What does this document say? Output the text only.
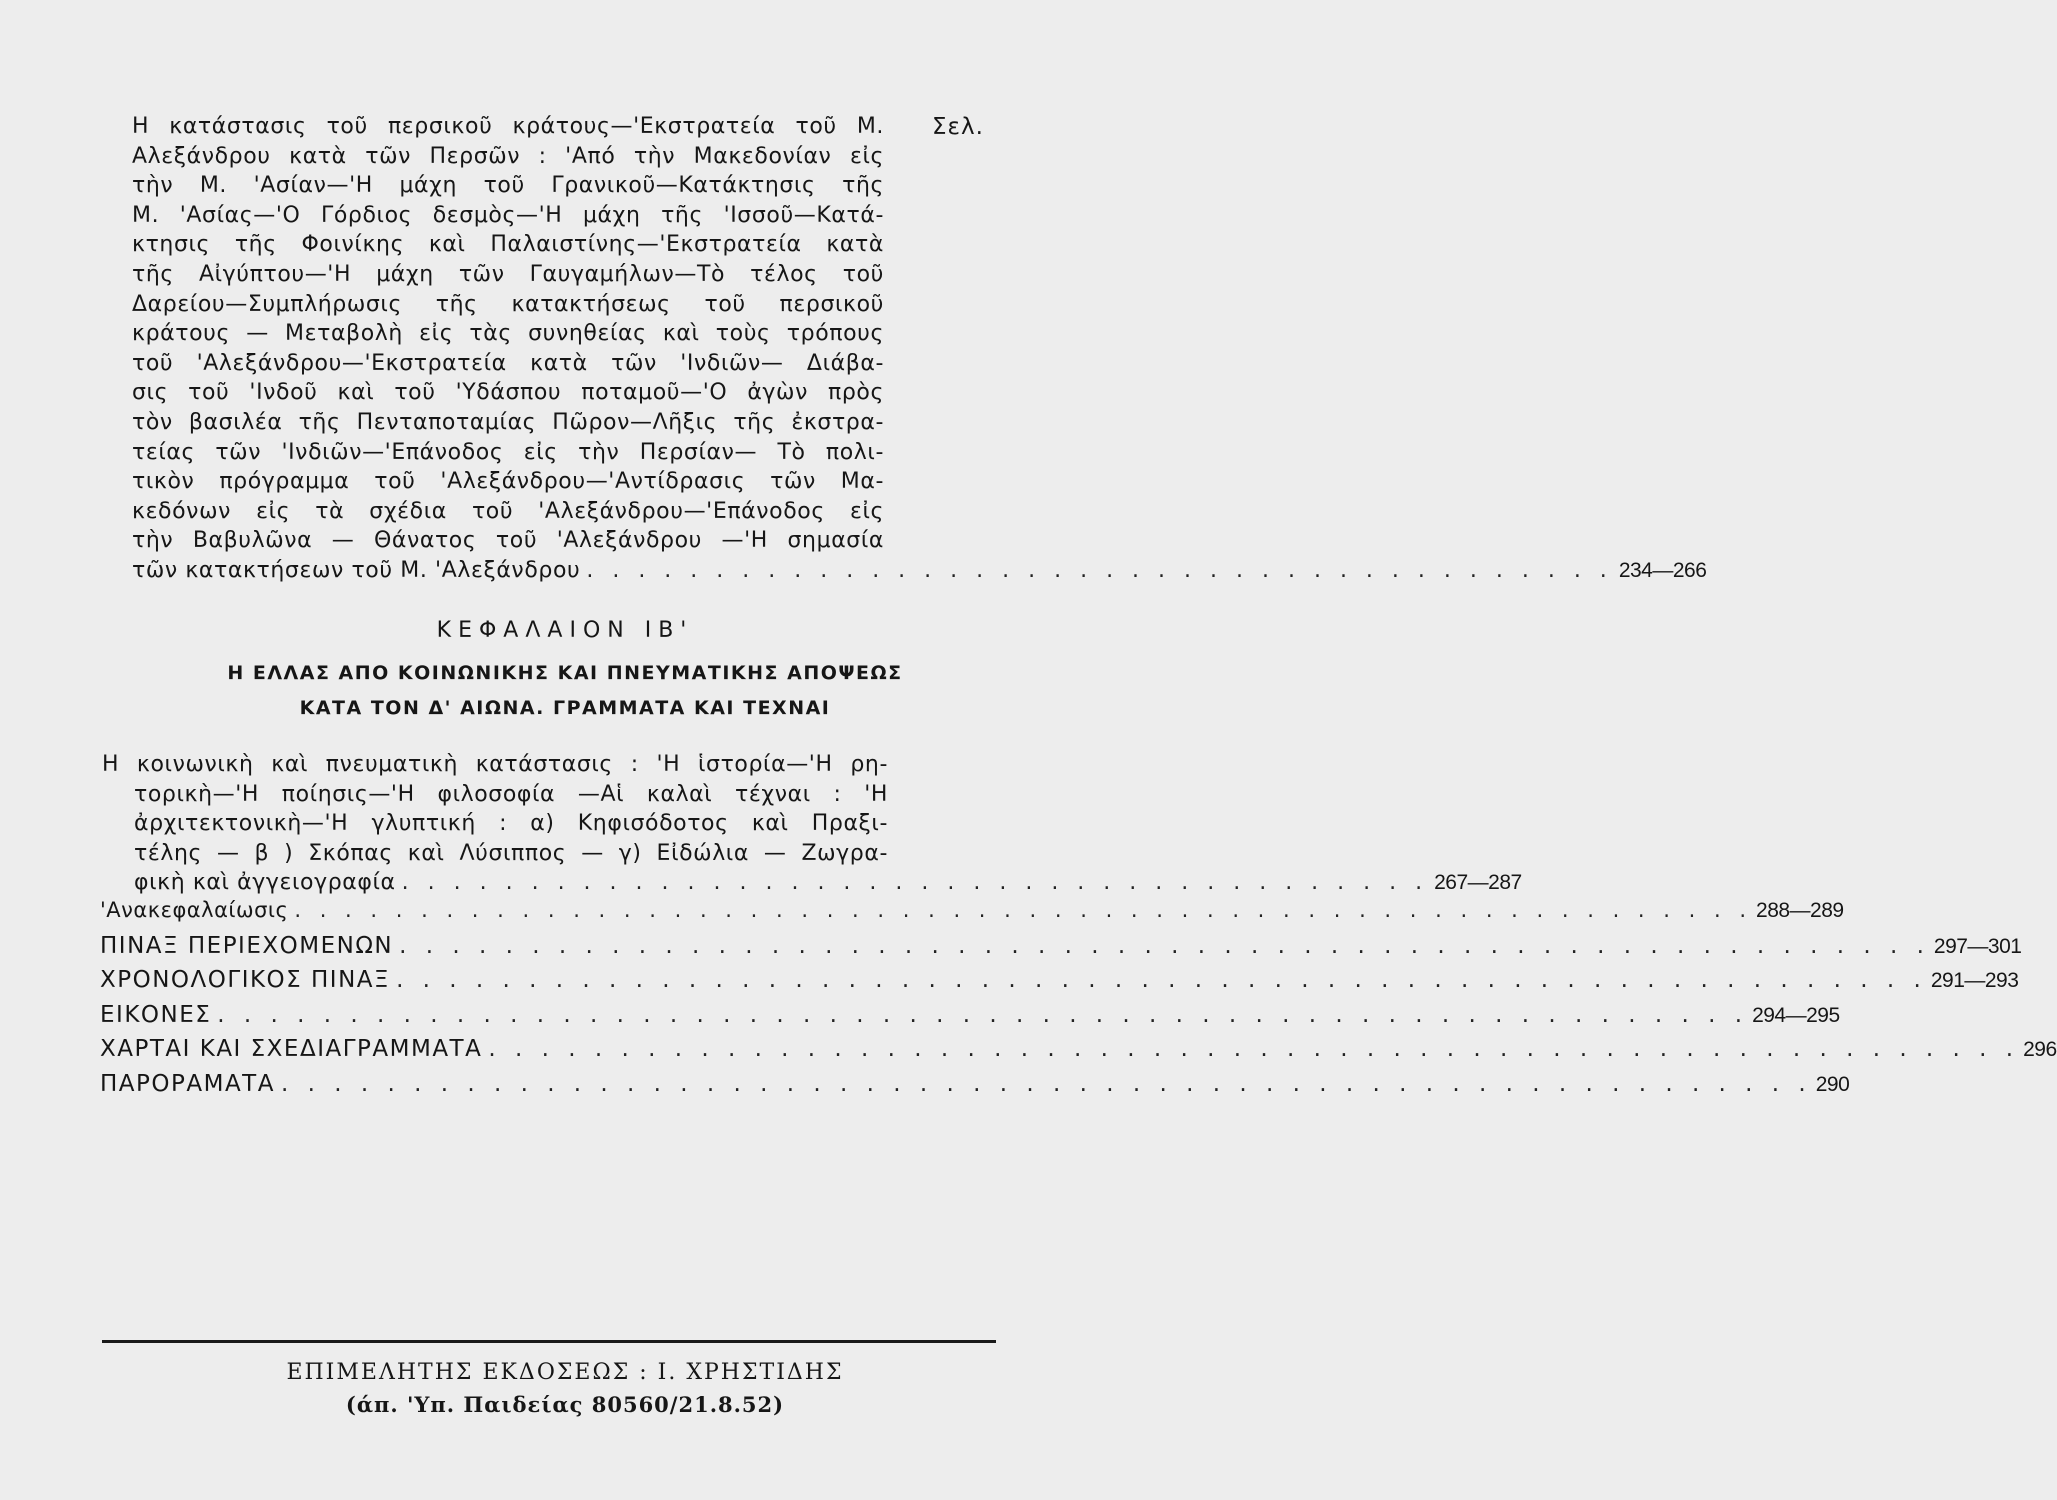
Σελ.
Η κατάστασις τοῦ περσικοῦ κράτους—'Εκστρατεία τοῦ Μ.
Αλεξάνδρου κατὰ τῶν Περσῶν : 'Από τὴν Μακεδονίαν εἰς
τὴν Μ. 'Ασίαν—'Η μάχη τοῦ Γρανικοῦ—Κατάκτησις τῆς
Μ. 'Ασίας—'Ο Γόρδιος δεσμὸς—'Η μάχη τῆς 'Ισσοῦ—Κατά-
κτησις τῆς Φοινίκης καὶ Παλαιστίνης—'Εκστρατεία κατὰ
τῆς Αἰγύπτου—'Η μάχη τῶν Γαυγαμήλων—Τὸ τέλος τοῦ
Δαρείου—Συμπλήρωσις τῆς κατακτήσεως τοῦ περσικοῦ
κράτους — Μεταβολὴ εἰς τὰς συνηθείας καὶ τοὺς τρόπους
τοῦ 'Αλεξάνδρου—'Εκστρατεία κατὰ τῶν 'Ινδιῶν— Διάβα-
σις τοῦ 'Ινδοῦ καὶ τοῦ 'Υδάσπου ποταμοῦ—'Ο ἀγὼν πρὸς
τὸν βασιλέα τῆς Πενταποταμίας Πῶρον—Λῆξις τῆς ἐκστρα-
τείας τῶν 'Ινδιῶν—'Επάνοδος εἰς τὴν Περσίαν— Τὸ πολι-
τικὸν πρόγραμμα τοῦ 'Αλεξάνδρου—'Αντίδρασις τῶν Μα-
κεδόνων εἰς τὰ σχέδια τοῦ 'Αλεξάνδρου—'Επάνοδος εἰς
τὴν Βαβυλῶνα — Θάνατος τοῦ 'Αλεξάνδρου —'Η σημασία
τῶν κατακτήσεων τοῦ Μ. 'Αλεξάνδρου . . . . . . . . . . . . . . . . . . . . . . . . . . . . . . . . . . . . . . . . 234—266
ΚΕΦΑΛΑΙΟΝ ΙΒ'
Η ΕΛΛΑΣ ΑΠΟ ΚΟΙΝΩΝΙΚΗΣ ΚΑΙ ΠΝΕΥΜΑΤΙΚΗΣ ΑΠΟΨΕΩΣ
ΚΑΤΑ ΤΟΝ Δ' ΑΙΩΝΑ. ΓΡΑΜΜΑΤΑ ΚΑΙ ΤΕΧΝΑΙ
Η κοινωνικὴ καὶ πνευματικὴ κατάστασις : 'Η ἱστορία—'Η ρη-
τορικὴ—'Η ποίησις—'Η φιλοσοφία —Αἱ καλαὶ τέχναι : 'Η
ἀρχιτεκτονικὴ—'Η γλυπτική : α) Κηφισόδοτος καὶ Πραξι-
τέλης — β ) Σκόπας καὶ Λύσιππος — γ) Εἰδώλια — Ζωγρα-
φικὴ καὶ ἀγγειογραφία . . . . . . . . . . . . . . . . . . . . . . . . . . . . . . . . . . . . . . . . 267—287
'Ανακεφαλαίωσις . . . . . . . . . . . . . . . . . . . . . . . . . . . . . . . . . . . . . . . . . . . . . . . . . . . . . . . . . . 288—289
ΠΙΝΑΞ ΠΕΡΙΕΧΟΜΕΝΩΝ . . . . . . . . . . . . . . . . . . . . . . . . . . . . . . . . . . . . . . . . . . . . . . . . . . . . . . . . . . 297—301
ΧΡΟΝΟΛΟΓΙΚΟΣ ΠΙΝΑΞ . . . . . . . . . . . . . . . . . . . . . . . . . . . . . . . . . . . . . . . . . . . . . . . . . . . . . . . . . . 291—293
ΕΙΚΟΝΕΣ . . . . . . . . . . . . . . . . . . . . . . . . . . . . . . . . . . . . . . . . . . . . . . . . . . . . . . . . . . 294—295
ΧΑΡΤΑΙ ΚΑΙ ΣΧΕΔΙΑΓΡΑΜΜΑΤΑ . . . . . . . . . . . . . . . . . . . . . . . . . . . . . . . . . . . . . . . . . . . . . . . . . . . . . . . . . . 296
ΠΑΡΟΡΑΜΑΤΑ . . . . . . . . . . . . . . . . . . . . . . . . . . . . . . . . . . . . . . . . . . . . . . . . . . . . . . . . . . 290
ΕΠΙΜΕΛΗΤΗΣ ΕΚΔΟΣΕΩΣ : Ι. ΧΡΗΣΤΙΔΗΣ
(άπ. 'Υπ. Παιδείας 80560/21.8.52)
